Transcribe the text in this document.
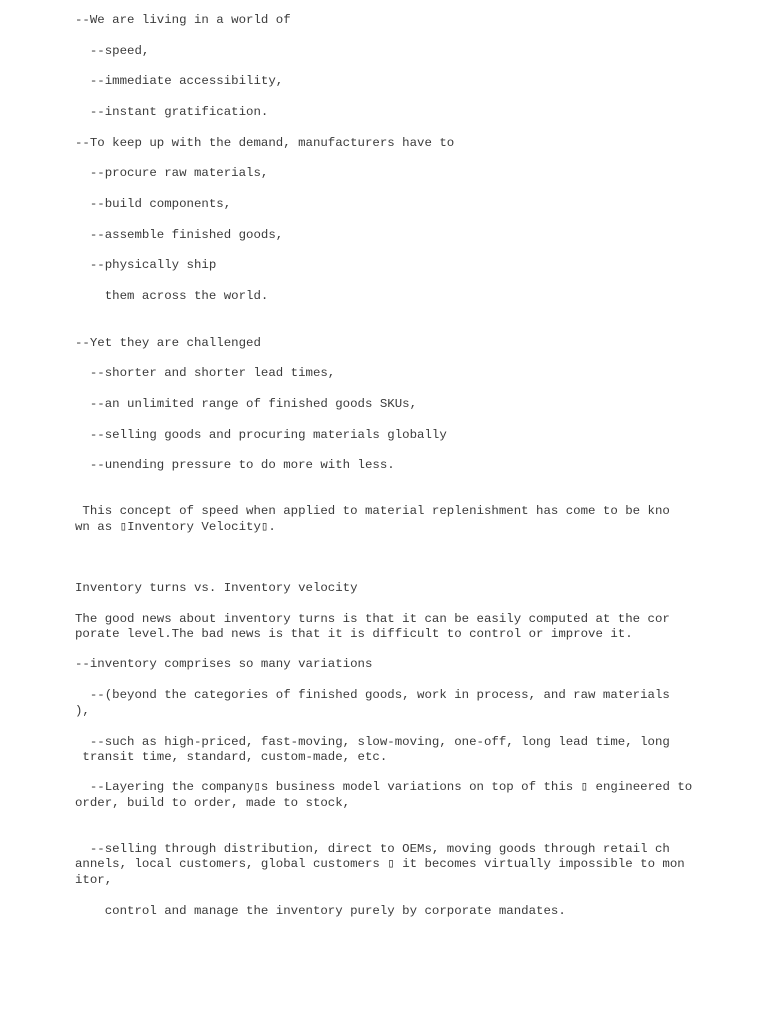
--We are living in a world of

--speed,

--immediate accessibility,

--instant gratification.

--To keep up with the demand, manufacturers have to

--procure raw materials,

--build components,

--assemble finished goods,

--physically ship

them across the world.

--Yet they are challenged

--shorter and shorter lead times,

--an unlimited range of finished goods SKUs,

--selling goods and procuring materials globally

--unending pressure to do more with less.

This concept of speed when applied to material replenishment has come to be kno

wn as ▯Inventory Velocity▯.

Inventory turns vs. Inventory velocity

The good news about inventory turns is that it can be easily computed at the cor

porate level.The bad news is that it is difficult to control or improve it.

--inventory comprises so many variations

--(beyond the categories of finished goods, work in process, and raw materials

),

--such as high-priced, fast-moving, slow-moving, one-off, long lead time, long

transit time, standard, custom-made, etc.

--Layering the company▯s business model variations on top of this ▯ engineered to

order, build to order, made to stock,

--selling through distribution, direct to OEMs, moving goods through retail ch

annels, local customers, global customers ▯ it becomes virtually impossible to mon

itor,

control and manage the inventory purely by corporate mandates.
